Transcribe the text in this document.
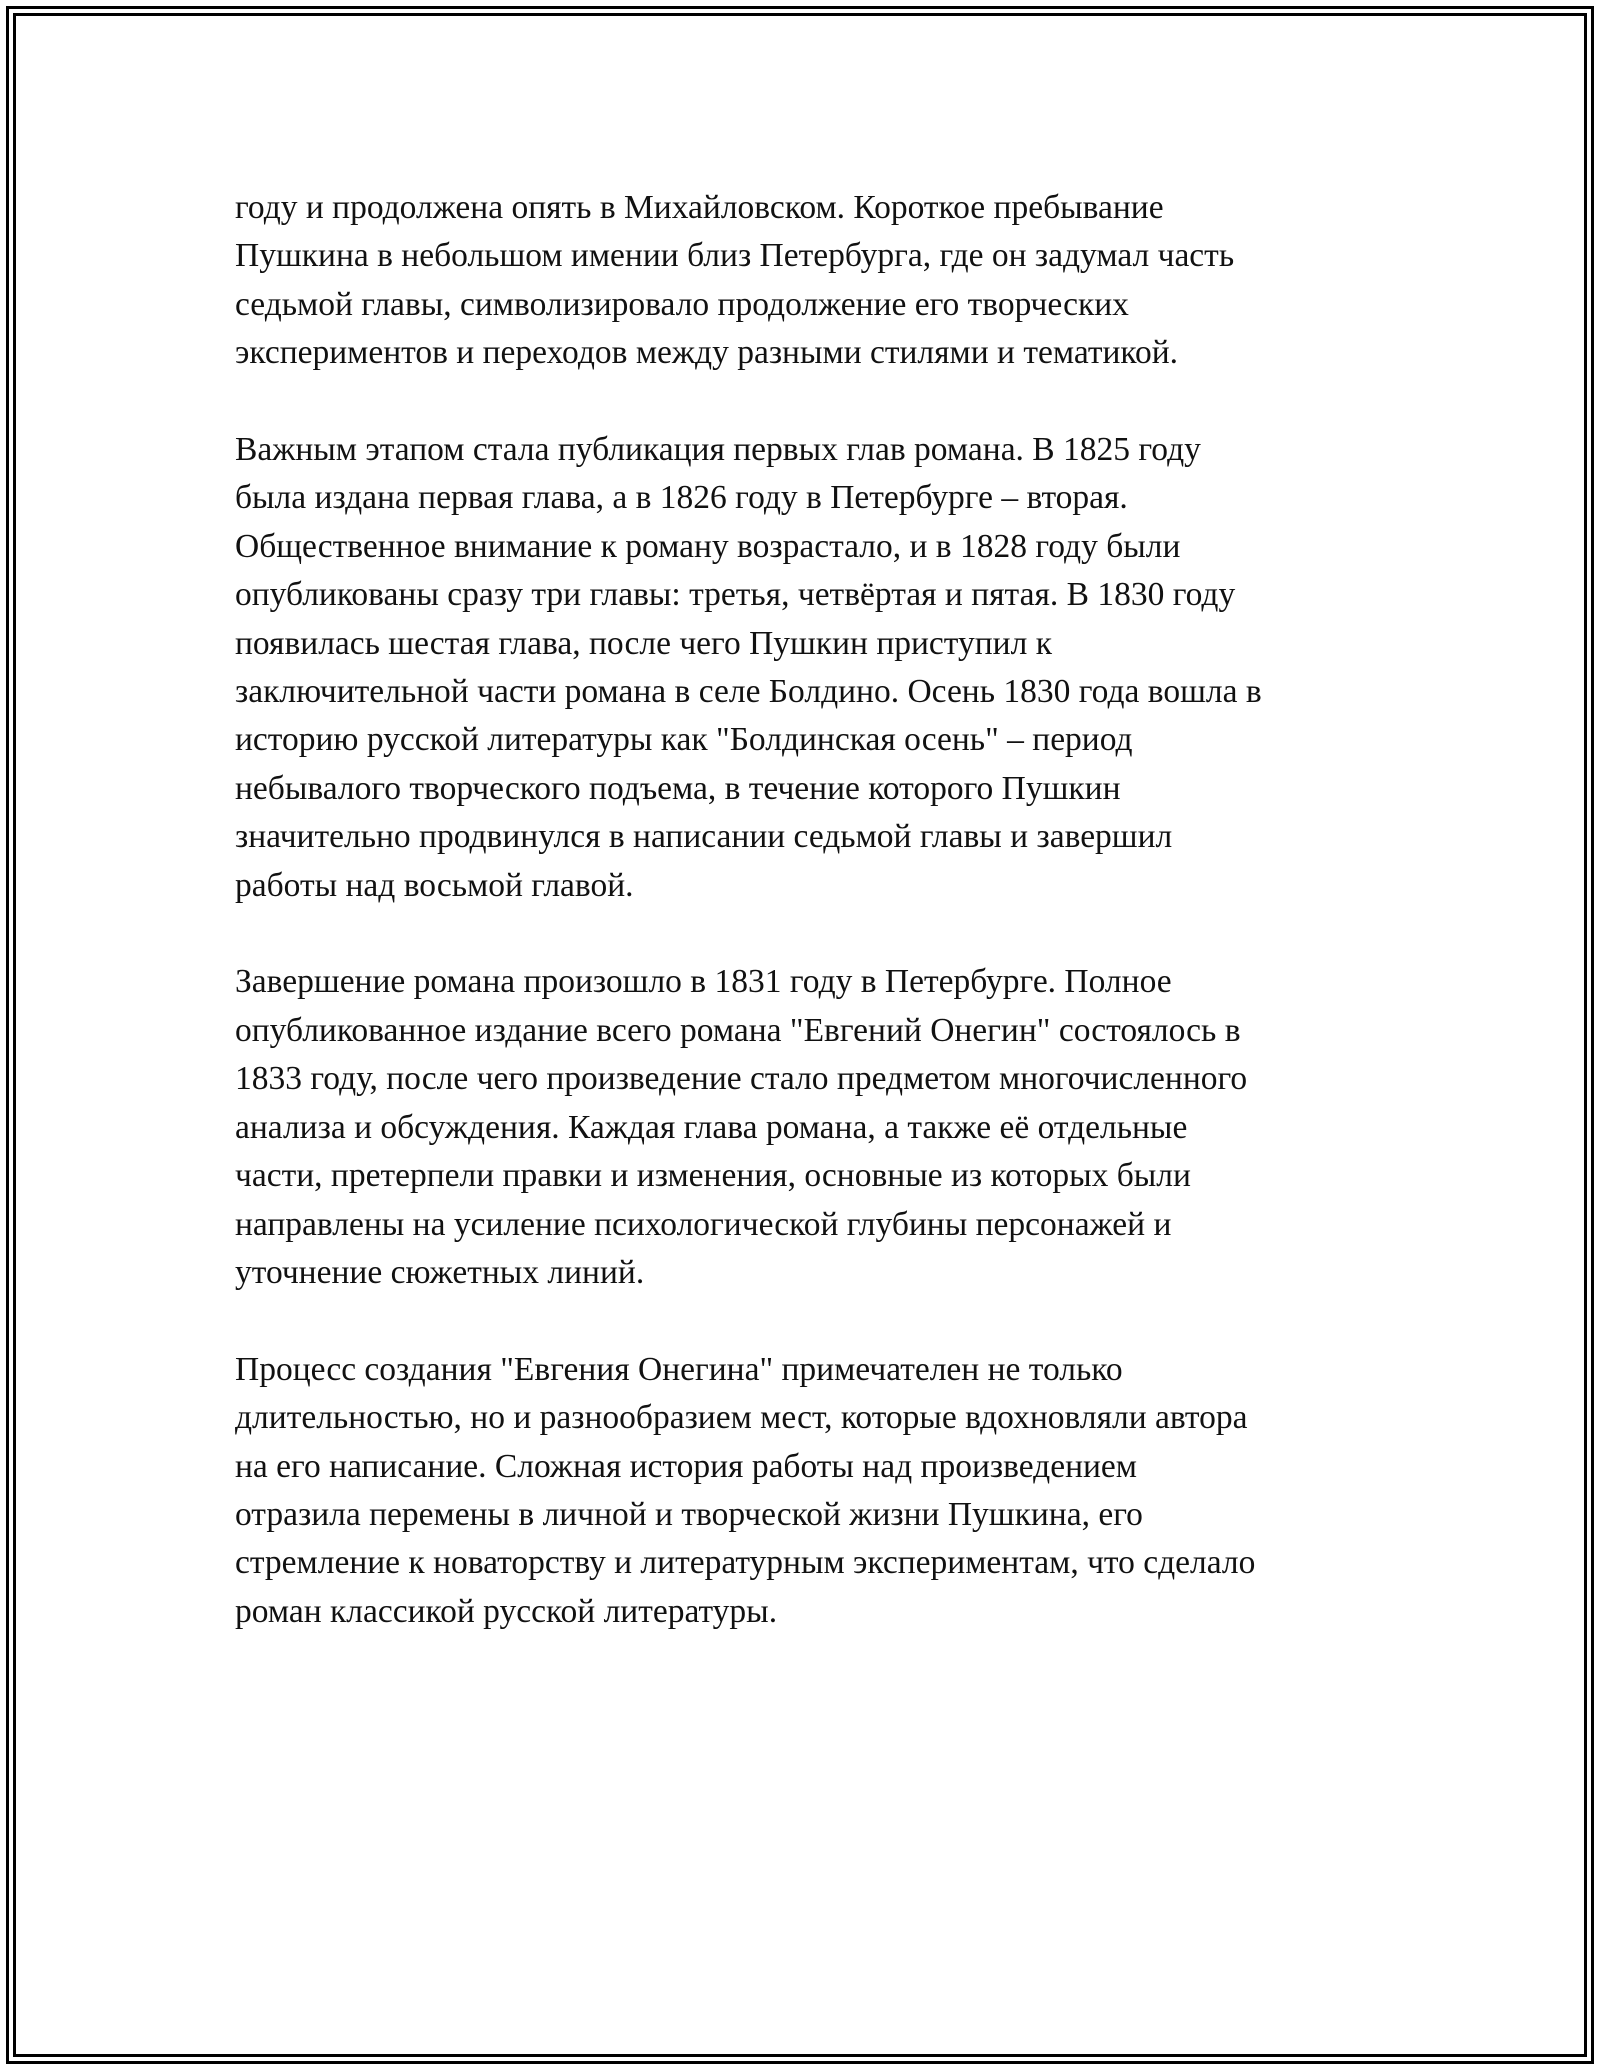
году и продолжена опять в Михайловском. Короткое пребывание
Пушкина в небольшом имении близ Петербурга, где он задумал часть
седьмой главы, символизировало продолжение его творческих
экспериментов и переходов между разными стилями и тематикой.

Важным этапом стала публикация первых глав романа. В 1825 году
была издана первая глава, а в 1826 году в Петербурге – вторая.
Общественное внимание к роману возрастало, и в 1828 году были
опубликованы сразу три главы: третья, четвёртая и пятая. В 1830 году
появилась шестая глава, после чего Пушкин приступил к
заключительной части романа в селе Болдино. Осень 1830 года вошла в
историю русской литературы как "Болдинская осень" – период
небывалого творческого подъема, в течение которого Пушкин
значительно продвинулся в написании седьмой главы и завершил
работы над восьмой главой.

Завершение романа произошло в 1831 году в Петербурге. Полное
опубликованное издание всего романа "Евгений Онегин" состоялось в
1833 году, после чего произведение стало предметом многочисленного
анализа и обсуждения. Каждая глава романа, а также её отдельные
части, претерпели правки и изменения, основные из которых были
направлены на усиление психологической глубины персонажей и
уточнение сюжетных линий.

Процесс создания "Евгения Онегина" примечателен не только
длительностью, но и разнообразием мест, которые вдохновляли автора
на его написание. Сложная история работы над произведением
отразила перемены в личной и творческой жизни Пушкина, его
стремление к новаторству и литературным экспериментам, что сделало
роман классикой русской литературы.
